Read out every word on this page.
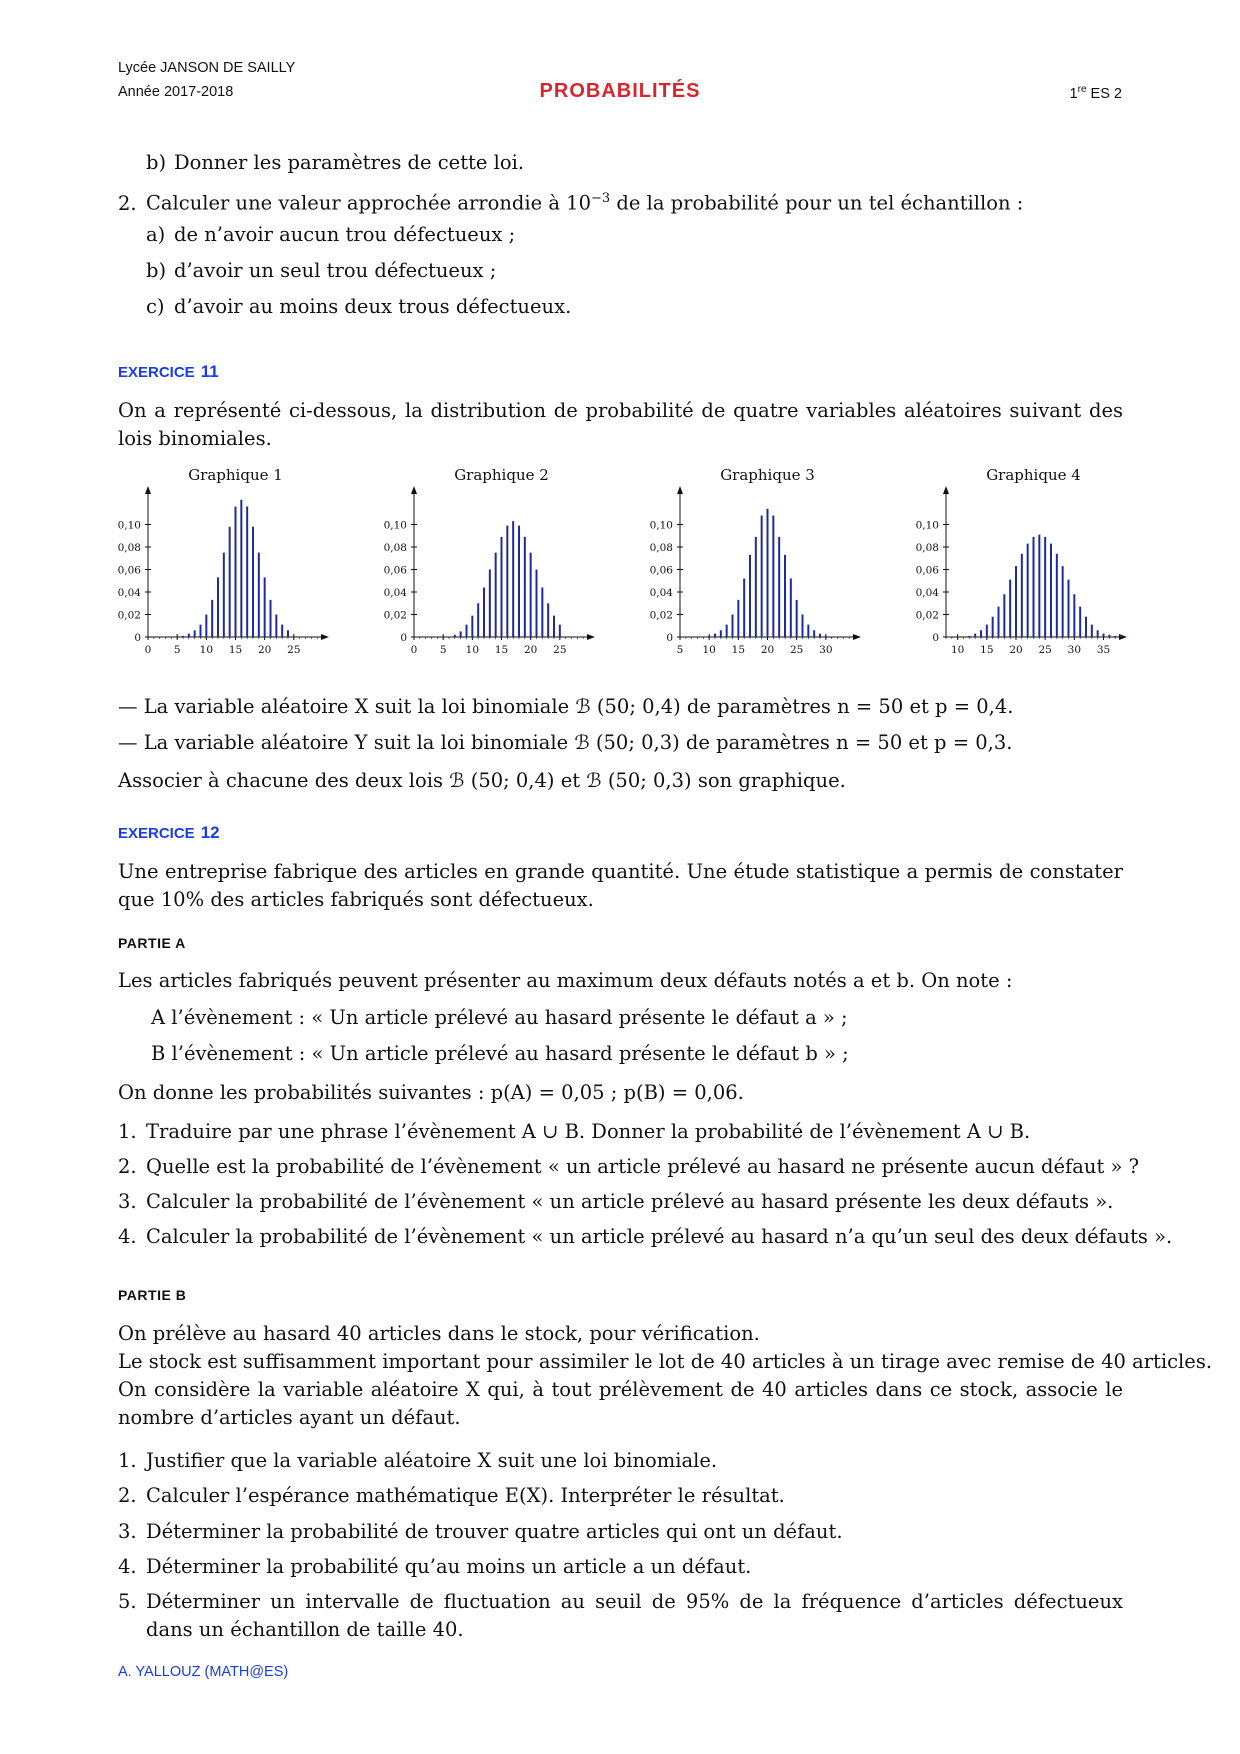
Lycée JANSON DE SAILLY
Année 2017-2018	PROBABILITÉS	1re ES 2
b) Donner les paramètres de cette loi.
2. Calculer une valeur approchée arrondie à $10^{-3}$ de la probabilité pour un tel échantillon :
a) de n’avoir aucun trou défectueux ;
b) d’avoir un seul trou défectueux ;
c) d’avoir au moins deux trous défectueux.
EXERCICE 11
On a représenté ci-dessous, la distribution de probabilité de quatre variables aléatoires suivant des lois binomiales.
Graphique 1
0
0,02
0,04
0,06
0,08
0,10
0 5 10 15 20 25
Graphique 2
0
0,02
0,04
0,06
0,08
0,10
0 5 10 15 20 25
Graphique 3
0
0,02
0,04
0,06
0,08
0,10
5 10 15 20 25 30
Graphique 4
0
0,02
0,04
0,06
0,08
0,10
10 15 20 25 30 35
— La variable aléatoire X suit la loi binomiale ℬ (50; 0,4) de paramètres n = 50 et p = 0,4.
— La variable aléatoire Y suit la loi binomiale ℬ (50; 0,3) de paramètres n = 50 et p = 0,3.
Associer à chacune des deux lois ℬ (50; 0,4) et ℬ (50; 0,3) son graphique.
EXERCICE 12
Une entreprise fabrique des articles en grande quantité. Une étude statistique a permis de constater que 10% des articles fabriqués sont défectueux.
PARTIE A
Les articles fabriqués peuvent présenter au maximum deux défauts notés a et b. On note :
A l’évènement : « Un article prélevé au hasard présente le défaut a » ;
B l’évènement : « Un article prélevé au hasard présente le défaut b » ;
On donne les probabilités suivantes : p(A) = 0,05 ; p(B) = 0,06.
1. Traduire par une phrase l’évènement A ∪ B. Donner la probabilité de l’évènement A ∪ B.
2. Quelle est la probabilité de l’évènement « un article prélevé au hasard ne présente aucun défaut » ?
3. Calculer la probabilité de l’évènement « un article prélevé au hasard présente les deux défauts ».
4. Calculer la probabilité de l’évènement « un article prélevé au hasard n’a qu’un seul des deux défauts ».
PARTIE B
On prélève au hasard 40 articles dans le stock, pour vérification.
Le stock est suffisamment important pour assimiler le lot de 40 articles à un tirage avec remise de 40 articles.
On considère la variable aléatoire X qui, à tout prélèvement de 40 articles dans ce stock, associe le nombre d’articles ayant un défaut.
1. Justifier que la variable aléatoire X suit une loi binomiale.
2. Calculer l’espérance mathématique E(X). Interpréter le résultat.
3. Déterminer la probabilité de trouver quatre articles qui ont un défaut.
4. Déterminer la probabilité qu’au moins un article a un défaut.
5. Déterminer un intervalle de fluctuation au seuil de 95% de la fréquence d’articles défectueux dans un échantillon de taille 40.
A. YALLOUZ (MATH@ES)
